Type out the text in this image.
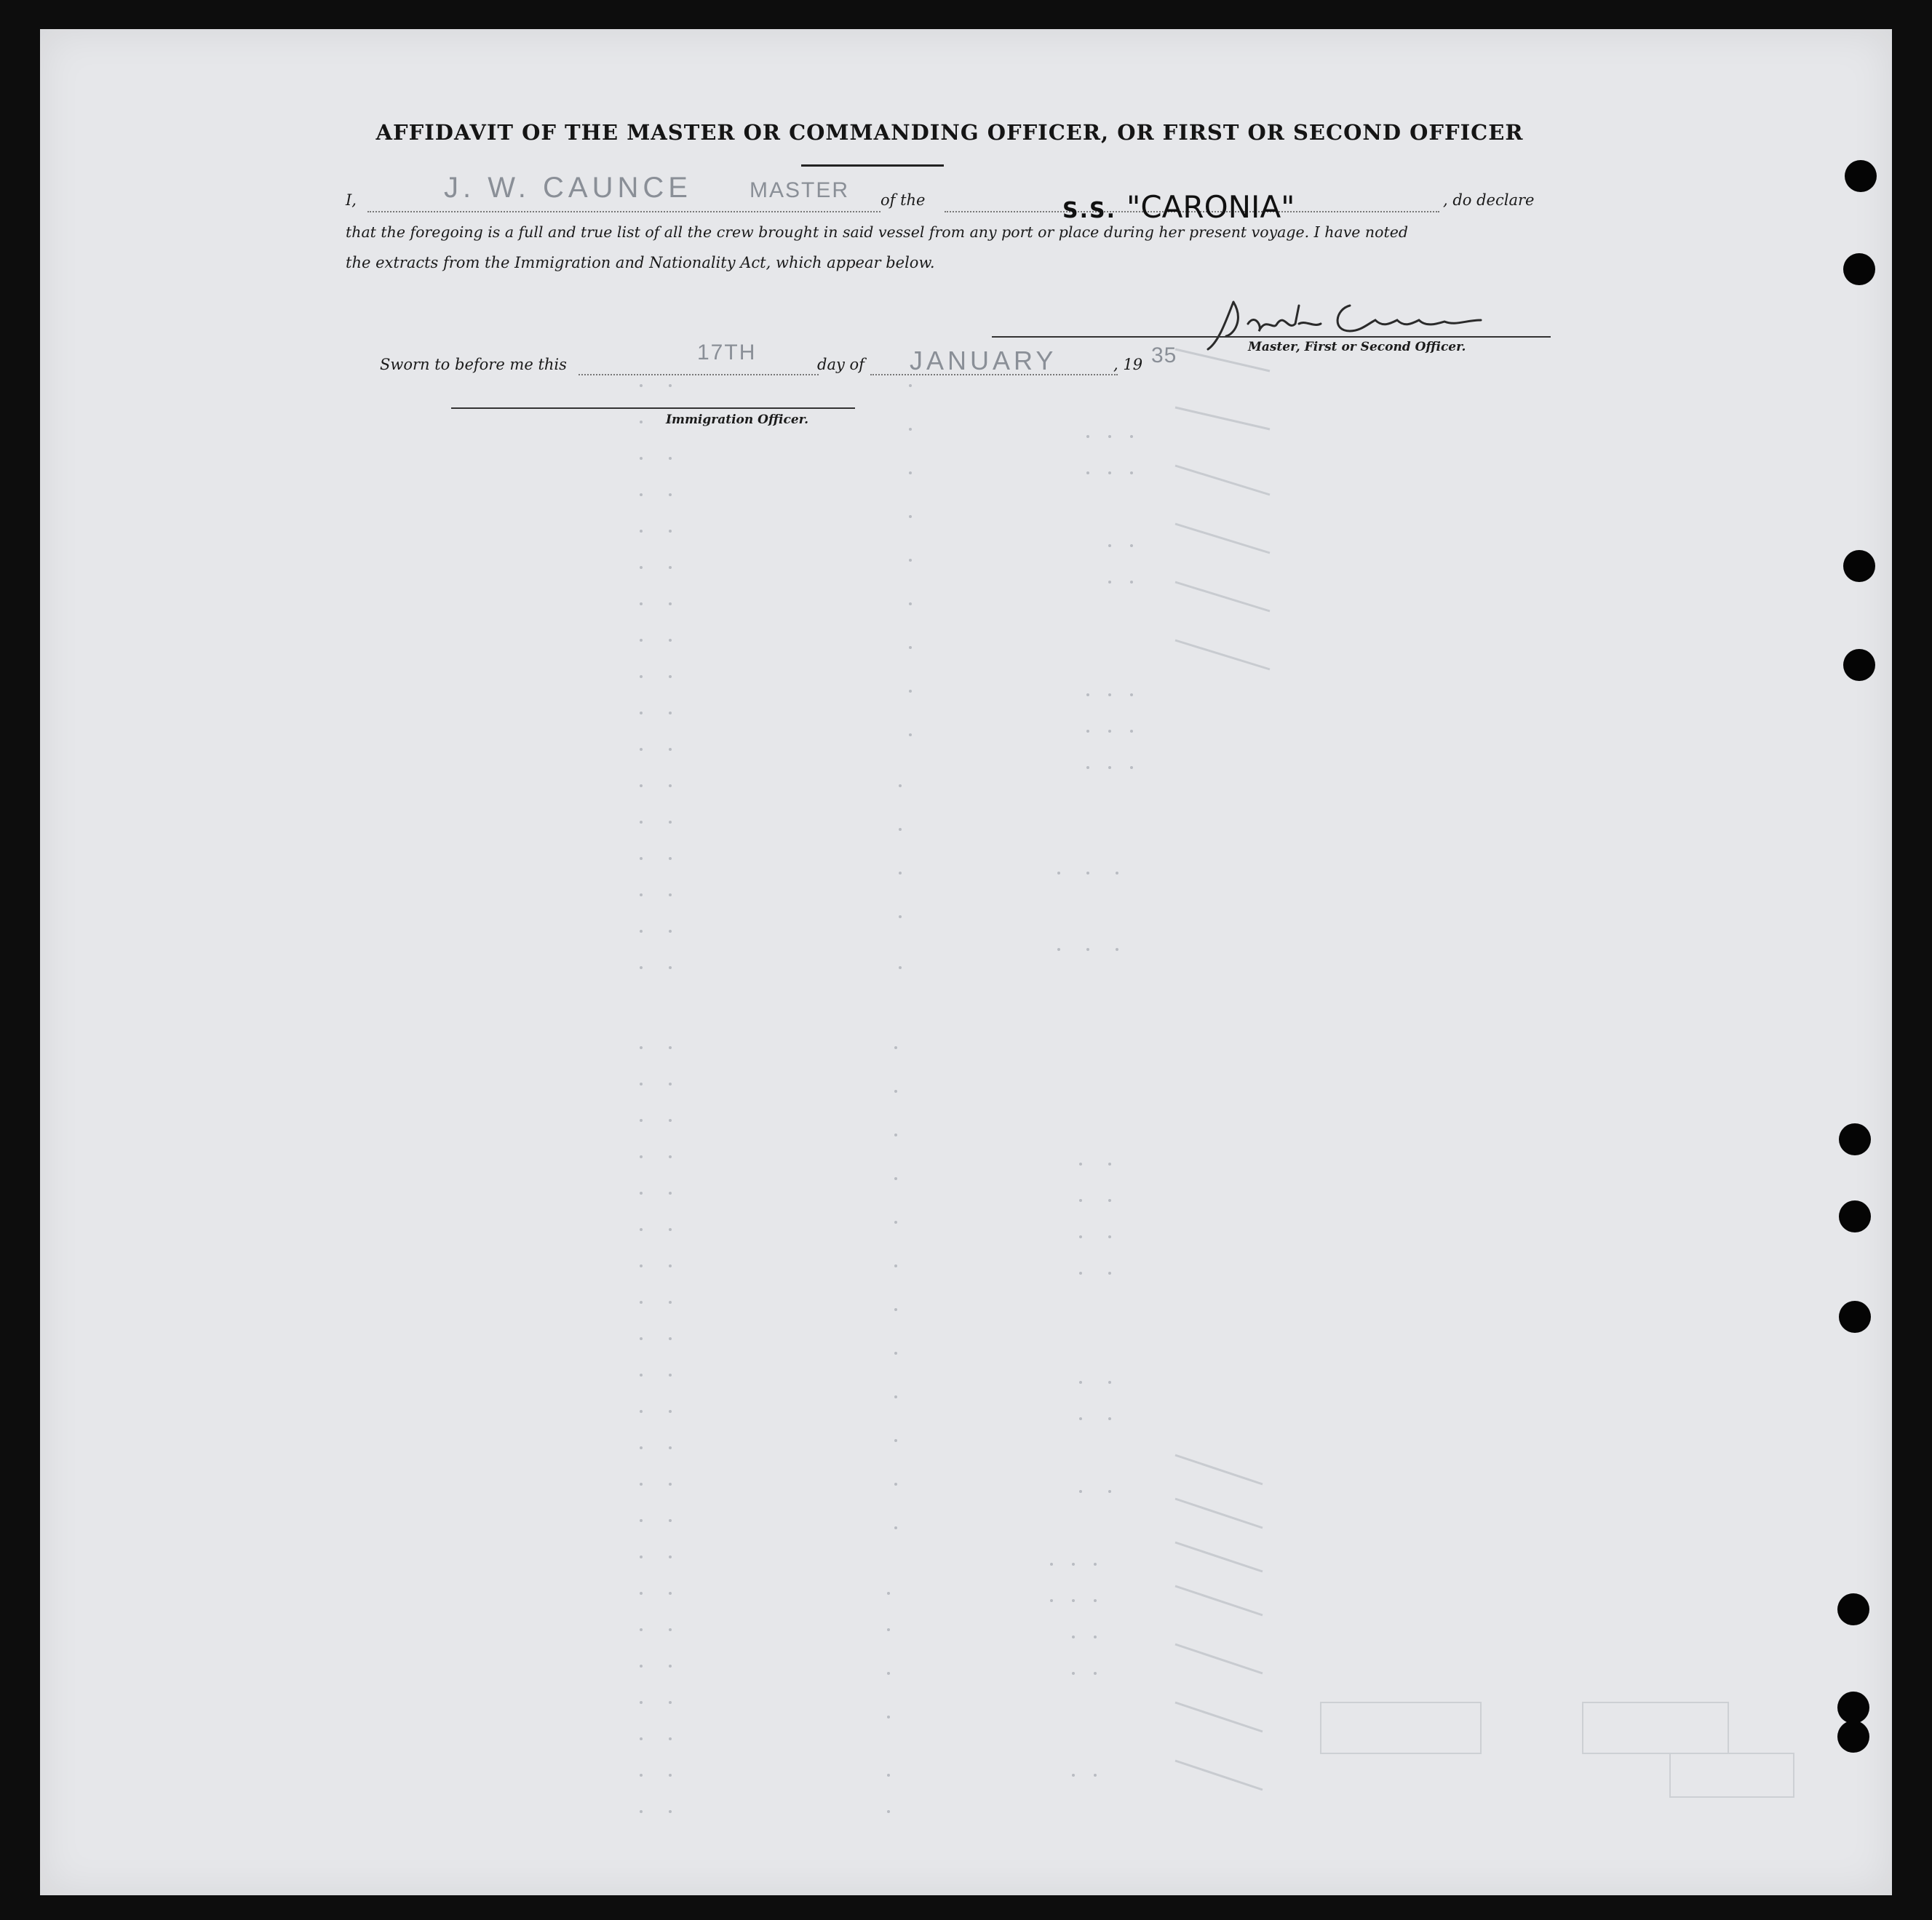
AFFIDAVIT OF THE MASTER OR COMMANDING OFFICER, OR FIRST OR SECOND OFFICER
I,	J. W. CAUNCE	MASTER of the	S.S. "CARONIA"	, do declare
that the foregoing is a full and true list of all the crew brought in said vessel from any port or place during her present voyage. I have noted
the extracts from the Immigration and Nationality Act, which appear below.
Master, First or Second Officer.
Sworn to before me this	17TH	day of JANUARY	, 19 35
Immigration Officer.
